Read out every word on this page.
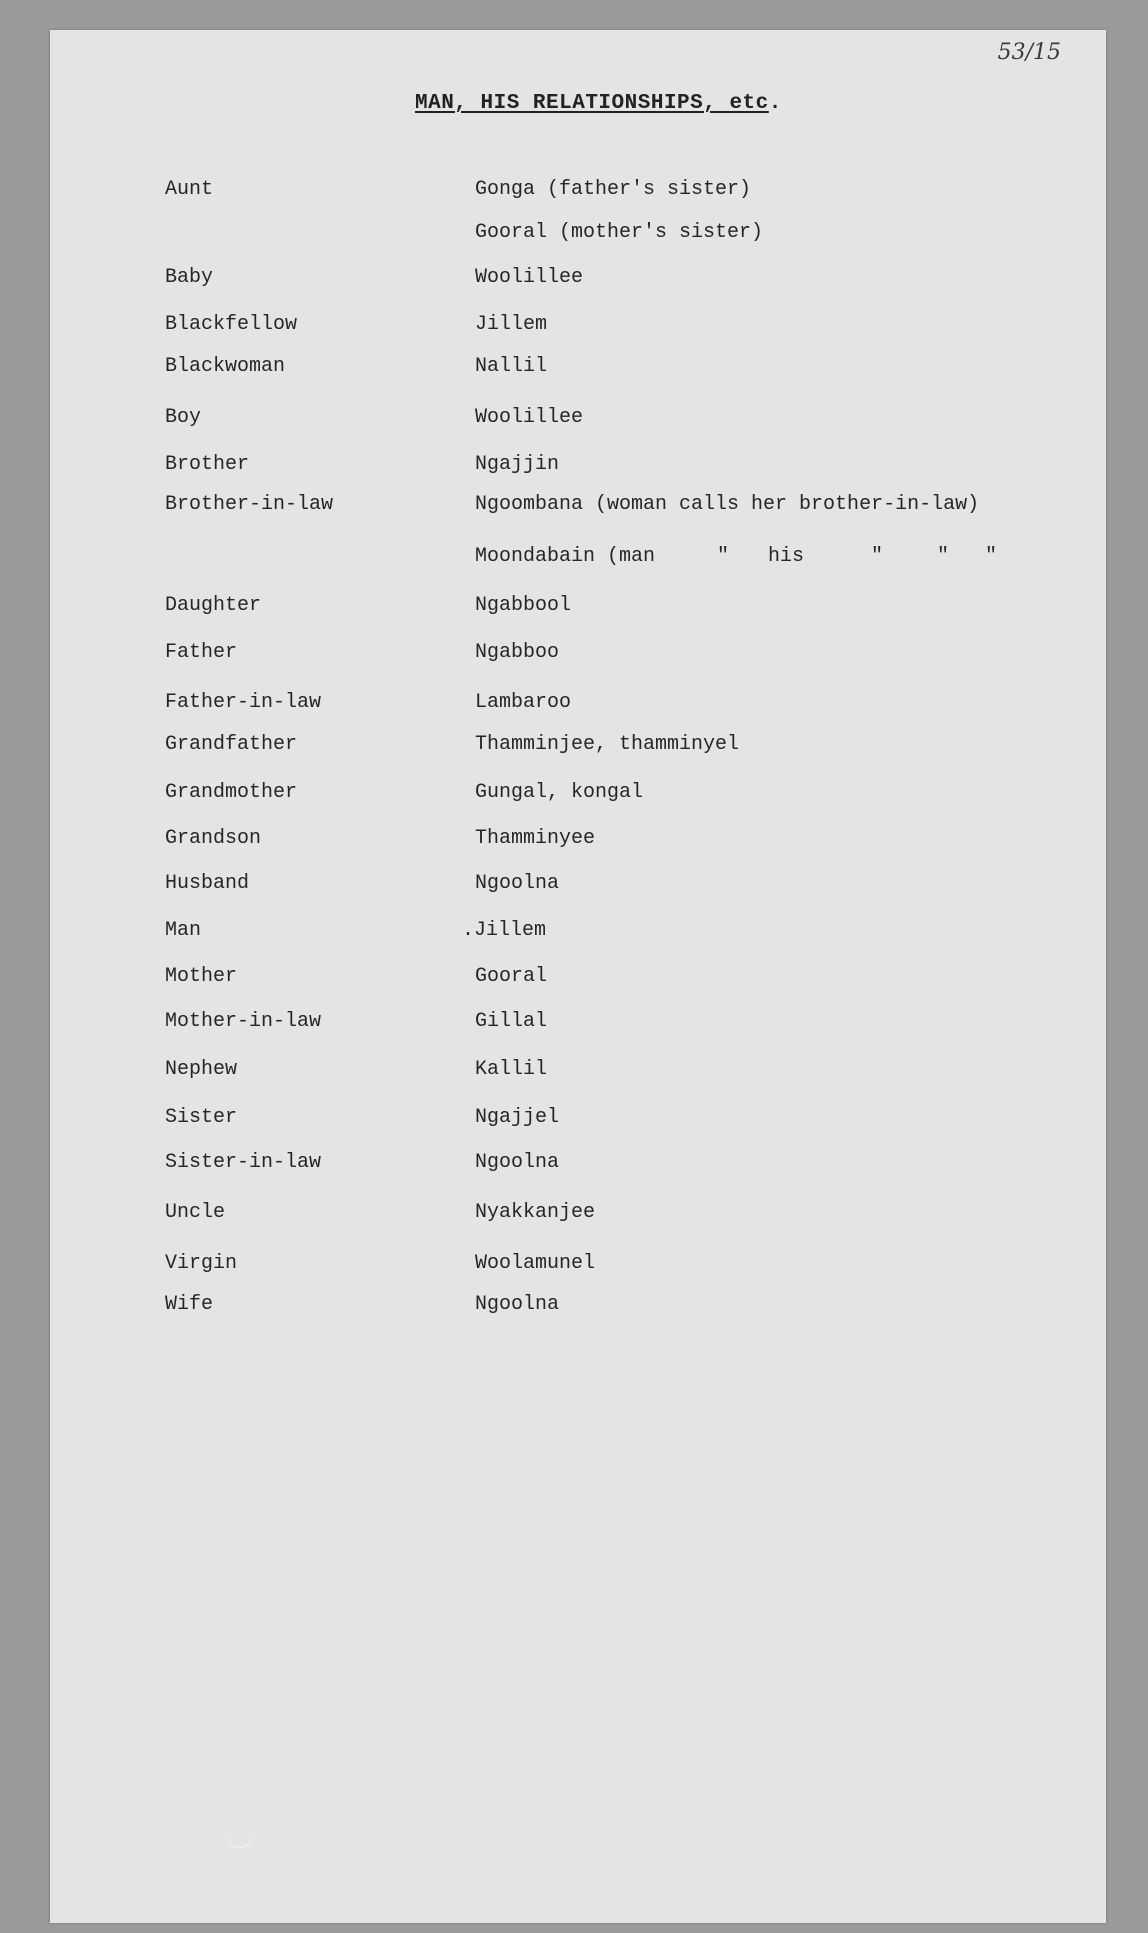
53/15
MAN, HIS RELATIONSHIPS, etc.
Aunt	Gonga (father's sister)
Gooral (mother's sister)
Baby	Woolillee
Blackfellow	Jillem
Blackwoman	Nallil
Boy	Woolillee
Brother	Ngajjin
Brother-in-law	Ngoombana (woman calls her brother-in-law)
Moondabain (man	" his	"	" "
Daughter	Ngabbool
Father	Ngabboo
Father-in-law	Lambaroo
Grandfather	Thamminjee, thamminyel
Grandmother	Gungal, kongal
Grandson	Thamminyee
Husband	Ngoolna
Man	.Jillem
Mother	Gooral
Mother-in-law	Gillal
Nephew	Kallil
Sister	Ngajjel
Sister-in-law	Ngoolna
Uncle	Nyakkanjee
Virgin	Woolamunel
Wife	Ngoolna
